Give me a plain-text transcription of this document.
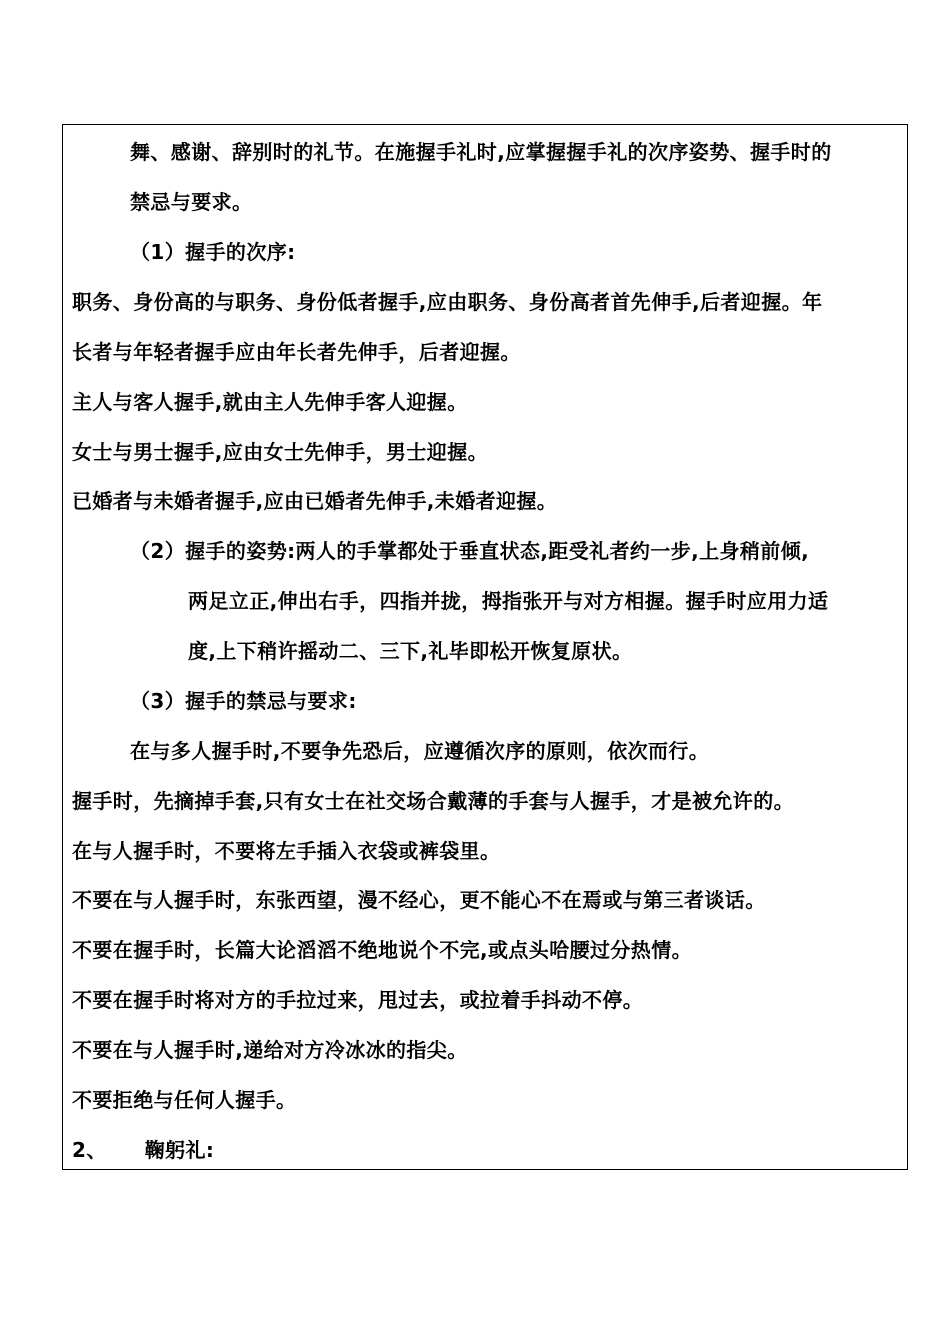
舞、感谢、辞别时的礼节。在施握手礼时,应掌握握手礼的次序姿势、握手时的
禁忌与要求。
（1）握手的次序:
职务、身份高的与职务、身份低者握手,应由职务、身份高者首先伸手,后者迎握。年
长者与年轻者握手应由年长者先伸手，后者迎握。
主人与客人握手,就由主人先伸手客人迎握。
女士与男士握手,应由女士先伸手，男士迎握。
已婚者与未婚者握手,应由已婚者先伸手,未婚者迎握。
（2）握手的姿势:两人的手掌都处于垂直状态,距受礼者约一步,上身稍前倾,
两足立正,伸出右手，四指并拢，拇指张开与对方相握。握手时应用力适
度,上下稍许摇动二、三下,礼毕即松开恢复原状。
（3）握手的禁忌与要求:
在与多人握手时,不要争先恐后，应遵循次序的原则，依次而行。
握手时，先摘掉手套,只有女士在社交场合戴薄的手套与人握手，才是被允许的。
在与人握手时，不要将左手插入衣袋或裤袋里。
不要在与人握手时，东张西望，漫不经心，更不能心不在焉或与第三者谈话。
不要在握手时，长篇大论滔滔不绝地说个不完,或点头哈腰过分热情。
不要在握手时将对方的手拉过来，甩过去，或拉着手抖动不停。
不要在与人握手时,递给对方冷冰冰的指尖。
不要拒绝与任何人握手。
2、 鞠躬礼:
